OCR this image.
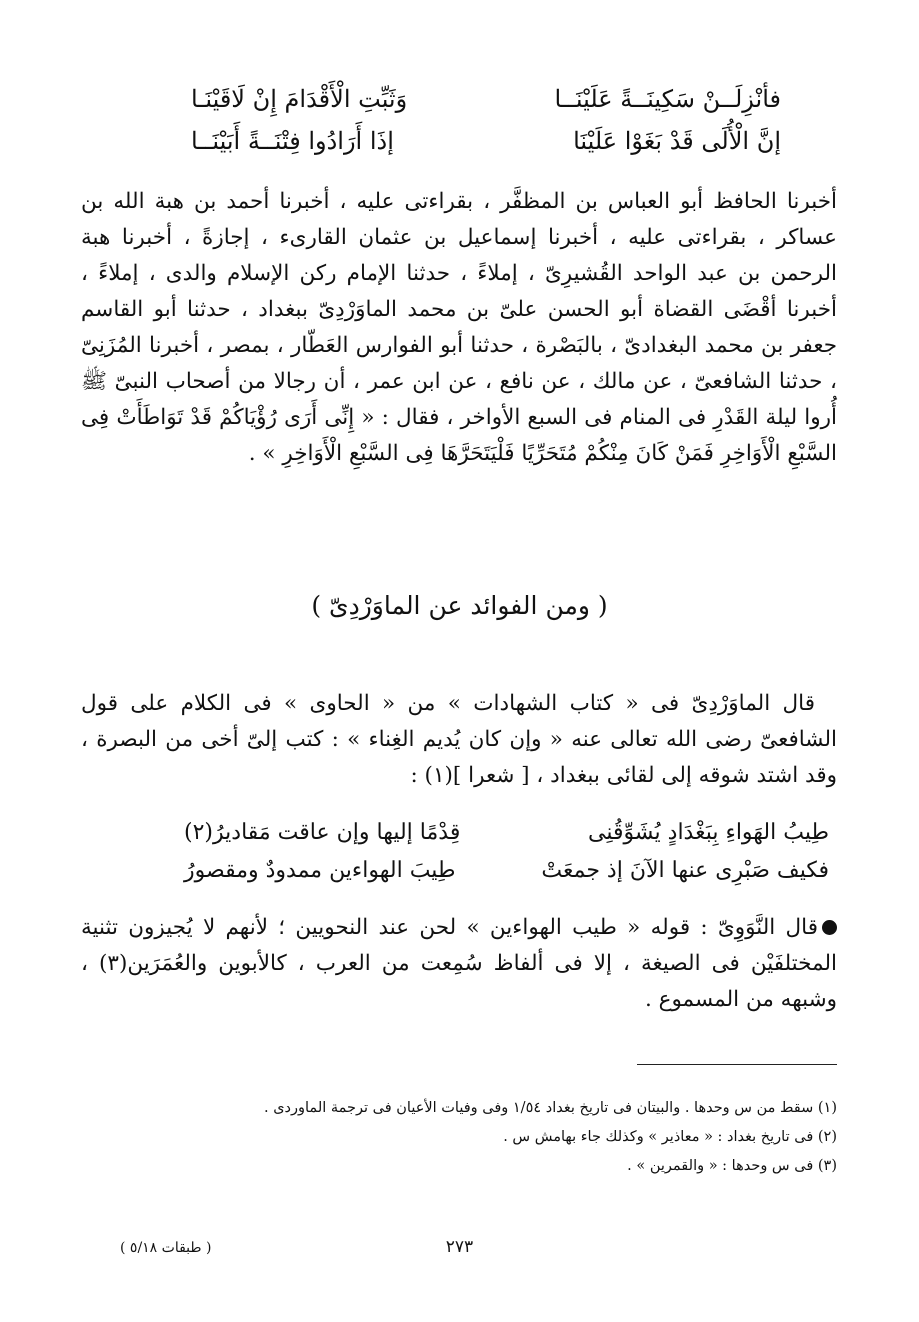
فأنْزِلَــنْ سَكِينَــةً عَلَيْنَــا
وَثَبِّتِ الْأَقْدَامَ إِنْ لَاقَيْنَـا
إنَّ الْأُلَى قَدْ بَغَوْا عَلَيْنَا
إذَا أَرَادُوا فِتْنَــةً أَبَيْنَــا

أخبرنا الحافظ أبو العباس بن المظفَّر ، بقراءتى عليه ، أخبرنا أحمد بن هبة الله بن عساكر ، بقراءتى عليه ، أخبرنا إسماعيل بن عثمان القارىء ، إجازةً ، أخبرنا هبة الرحمن بن عبد الواحد القُشيرِىّ ، إملاءً ، حدثنا الإمام ركن الإسلام والدى ، إملاءً ، أخبرنا أقْضَى القضاة أبو الحسن علىّ بن محمد الماوَرْدِىّ ببغداد ، حدثنا أبو القاسم جعفر بن محمد البغدادىّ ، بالبَصْرة ، حدثنا أبو الفوارس العَطّار ، بمصر ، أخبرنا المُزَنِىّ ، حدثنا الشافعىّ ، عن مالك ، عن نافع ، عن ابن عمر ، أن رجالا من أصحاب النبىّ ﷺ أُروا ليلة القَدْرِ فى المنام فى السبع الأواخر ، فقال : « إِنِّى أَرَى رُؤْيَاكُمْ قَدْ تَوَاطَأَتْ فِى السَّبْعِ الْأَوَاخِرِ فَمَنْ كَانَ مِنْكُمْ مُتَحَرِّيًا فَلْيَتَحَرَّهَا فِى السَّبْعِ الْأَوَاخِرِ » .

( ومن الفوائد عن الماوَرْدِىّ )

قال الماوَرْدِىّ فى « كتاب الشهادات » من « الحاوى » فى الكلام على قول الشافعىّ رضى الله تعالى عنه « وإن كان يُديم الغِناء » : كتب إلىّ أخى من البصرة ، وقد اشتد شوقه إلى لقائى ببغداد ، [ شعرا ](١) :

طِيبُ الهَواءِ بِبَغْدَادٍ يُشَوِّقُنِى
قِدْمًا إليها وإن عاقت مَقاديرُ(٢)
فكيف صَبْرِى عنها الآنَ إذ جمعَتْ
طِيبَ الهواءين ممدودٌ ومقصورُ

قال النَّوَوِىّ : قوله « طيب الهواءين » لحن عند النحويين ؛ لأنهم لا يُجيزون تثنية المختلفَيْن فى الصيغة ، إلا فى ألفاظ سُمِعت من العرب ، كالأبوين والعُمَرَين(٣) ، وشبهه من المسموع .

(١) سقط من س وحدها . والبيتان فى تاريخ بغداد ١/٥٤ وفى وفيات الأعيان فى ترجمة الماوردى .
(٢) فى تاريخ بغداد : « معاذير » وكذلك جاء بهامش س .
(٣) فى س وحدها : « والقمرين » .
٢٧٣
( طبقات ٥/١٨ )
